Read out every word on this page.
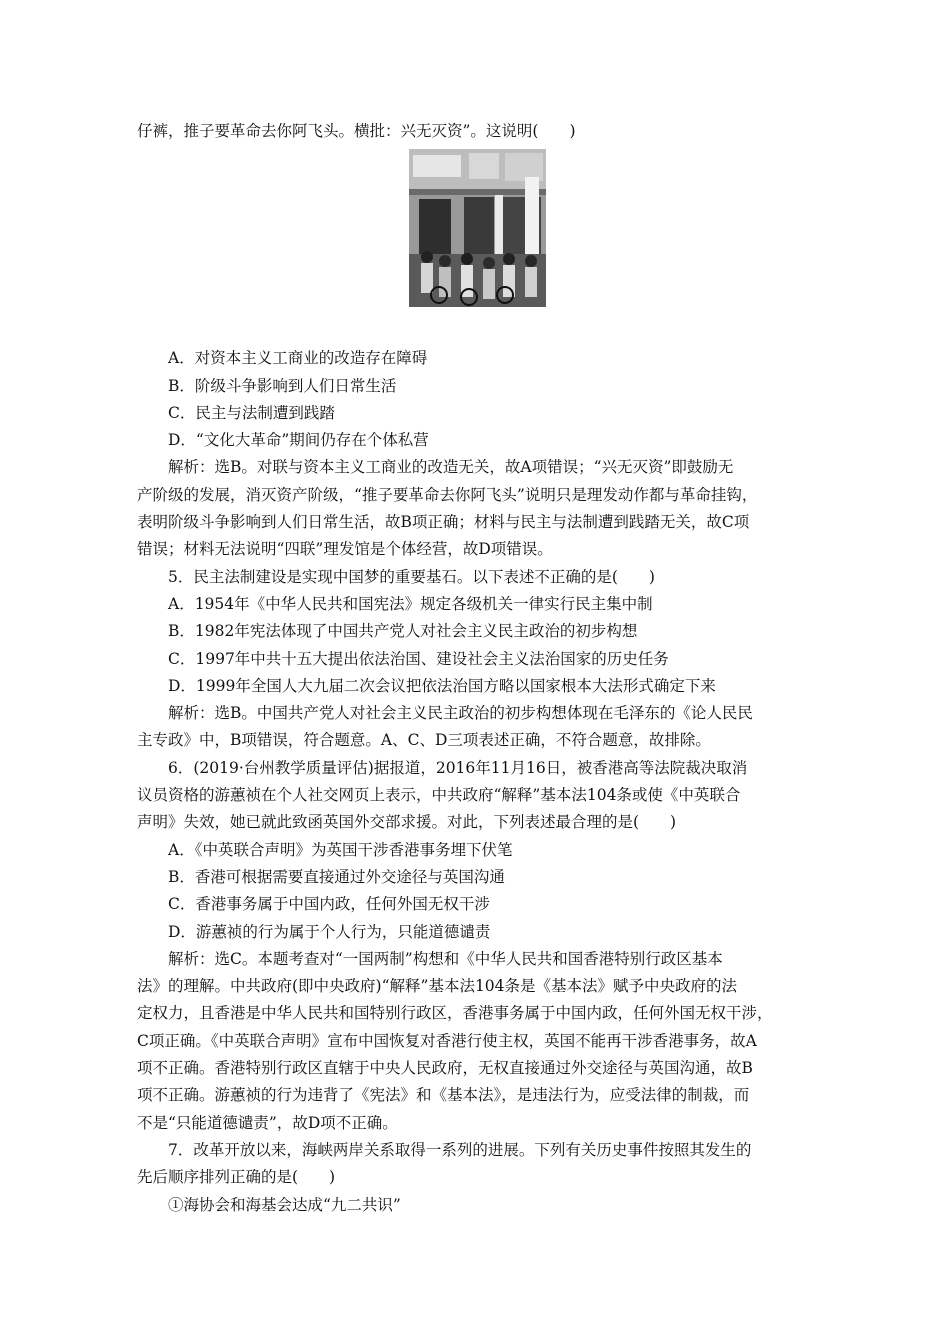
仔裤，推子要革命去你阿飞头。横批：兴无灭资”。这说明(　　)
A．对资本主义工商业的改造存在障碍
B．阶级斗争影响到人们日常生活
C．民主与法制遭到践踏
D．“文化大革命”期间仍存在个体私营
解析：选B。对联与资本主义工商业的改造无关，故A项错误；“兴无灭资”即鼓励无
产阶级的发展，消灭资产阶级，“推子要革命去你阿飞头”说明只是理发动作都与革命挂钩，
表明阶级斗争影响到人们日常生活，故B项正确；材料与民主与法制遭到践踏无关，故C项
错误；材料无法说明“四联”理发馆是个体经营，故D项错误。
5．民主法制建设是实现中国梦的重要基石。以下表述不正确的是(　　)
A．1954年《中华人民共和国宪法》规定各级机关一律实行民主集中制
B．1982年宪法体现了中国共产党人对社会主义民主政治的初步构想
C．1997年中共十五大提出依法治国、建设社会主义法治国家的历史任务
D．1999年全国人大九届二次会议把依法治国方略以国家根本大法形式确定下来
解析：选B。中国共产党人对社会主义民主政治的初步构想体现在毛泽东的《论人民民
主专政》中，B项错误，符合题意。A、C、D三项表述正确，不符合题意，故排除。
6．(2019·台州教学质量评估)据报道，2016年11月16日，被香港高等法院裁决取消
议员资格的游蕙祯在个人社交网页上表示，中共政府“解释”基本法104条或使《中英联合
声明》失效，她已就此致函英国外交部求援。对此，下列表述最合理的是(　　)
A．《中英联合声明》为英国干涉香港事务埋下伏笔
B．香港可根据需要直接通过外交途径与英国沟通
C．香港事务属于中国内政，任何外国无权干涉
D．游蕙祯的行为属于个人行为，只能道德谴责
解析：选C。本题考查对“一国两制”构想和《中华人民共和国香港特别行政区基本
法》的理解。中共政府(即中央政府)“解释”基本法104条是《基本法》赋予中央政府的法
定权力，且香港是中华人民共和国特别行政区，香港事务属于中国内政，任何外国无权干涉，
C项正确。《中英联合声明》宣布中国恢复对香港行使主权，英国不能再干涉香港事务，故A
项不正确。香港特别行政区直辖于中央人民政府，无权直接通过外交途径与英国沟通，故B
项不正确。游蕙祯的行为违背了《宪法》和《基本法》，是违法行为，应受法律的制裁，而
不是“只能道德谴责”，故D项不正确。
7．改革开放以来，海峡两岸关系取得一系列的进展。下列有关历史事件按照其发生的
先后顺序排列正确的是(　　)
①海协会和海基会达成“九二共识”
